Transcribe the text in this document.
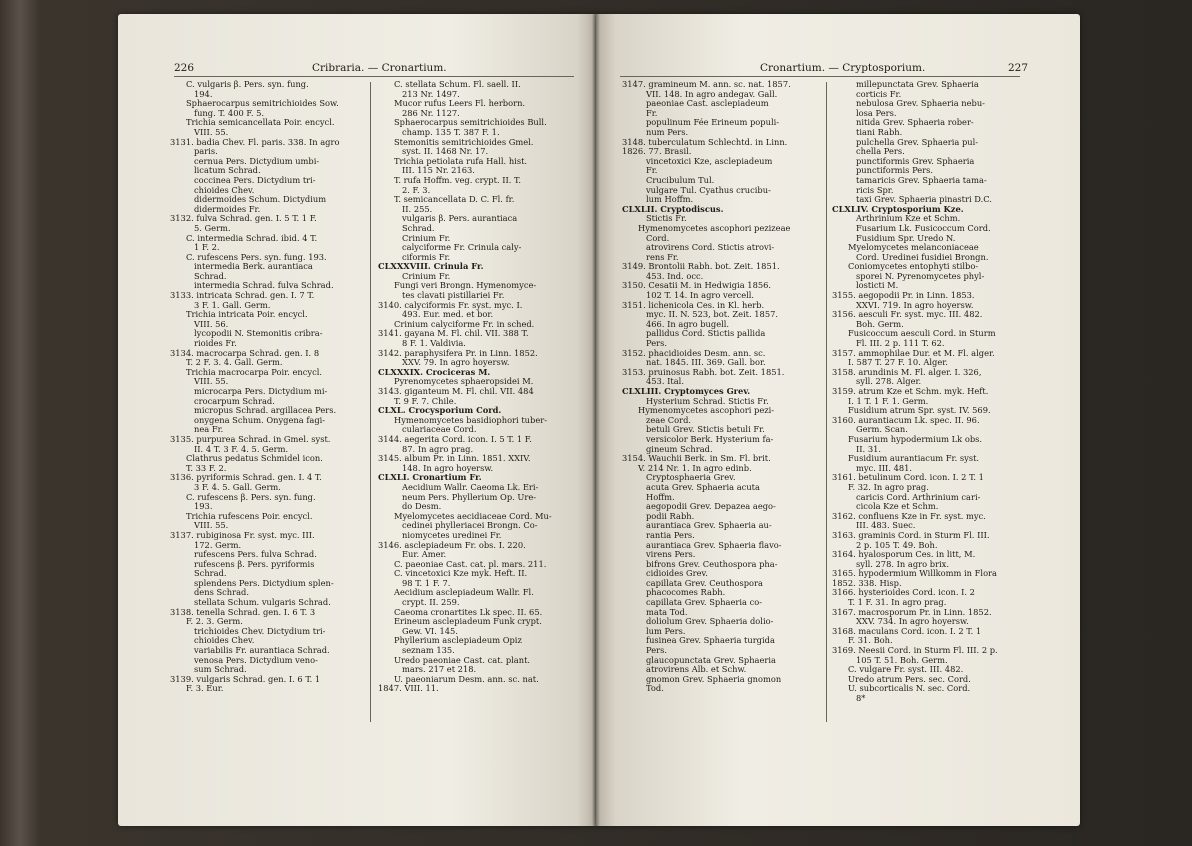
226	Cribraria. — Cronartium.	Cronartium. — Cryptosporium.	227
C. vulgaris β. Pers. syn. fung.
194.
Sphaerocarpus semitrichioides Sow.
fung. T. 400 F. 5.
Trichia semicancellata Poir. encycl.
VIII. 55.
3131. badia Chev. Fl. paris. 338. In agro
paris.
cernua Pers. Dictydium umbi-
licatum Schrad.
coccinea Pers. Dictydium tri-
chioides Chev.
didermoides Schum. Dictydium
didermoides Fr.
3132. fulva Schrad. gen. I. 5 T. 1 F.
5. Germ.
C. intermedia Schrad. ibid. 4 T.
1 F. 2.
C. rufescens Pers. syn. fung. 193.
intermedia Berk. aurantiaca
Schrad.
intermedia Schrad. fulva Schrad.
3133. intricata Schrad. gen. I. 7 T.
3 F. 1. Gall. Germ.
Trichia intricata Poir. encycl.
VIII. 56.
lycopodii N. Stemonitis cribra-
rioides Fr.
3134. macrocarpa Schrad. gen. I. 8
T. 2 F. 3. 4. Gall. Germ.
Trichia macrocarpa Poir. encycl.
VIII. 55.
microcarpa Pers. Dictydium mi-
crocarpum Schrad.
micropus Schrad. argillacea Pers.
onygena Schum. Onygena fagi-
nea Fr.
3135. purpurea Schrad. in Gmel. syst.
II. 4 T. 3 F. 4. 5. Germ.
Clathrus pedatus Schmidel icon.
T. 33 F. 2.
3136. pyriformis Schrad. gen. I. 4 T.
3 F. 4. 5. Gall. Germ.
C. rufescens β. Pers. syn. fung.
193.
Trichia rufescens Poir. encycl.
VIII. 55.
3137. rubiginosa Fr. syst. myc. III.
172. Germ.
rufescens Pers. fulva Schrad.
rufescens β. Pers. pyriformis
Schrad.
splendens Pers. Dictydium splen-
dens Schrad.
stellata Schum. vulgaris Schrad.
3138. tenella Schrad. gen. I. 6 T. 3
F. 2. 3. Germ.
trichioides Chev. Dictydium tri-
chioides Chev.
variabilis Fr. aurantiaca Schrad.
venosa Pers. Dictydium veno-
sum Schrad.
3139. vulgaris Schrad. gen. I. 6 T. 1
F. 3. Eur.
C. stellata Schum. Fl. saell. II.
213 Nr. 1497.
Mucor rufus Leers Fl. herborn.
286 Nr. 1127.
Sphaerocarpus semitrichioides Bull.
champ. 135 T. 387 F. 1.
Stemonitis semitrichioides Gmel.
syst. II. 1468 Nr. 17.
Trichia petiolata rufa Hall. hist.
III. 115 Nr. 2163.
T. rufa Hoffm. veg. crypt. II. T.
2. F. 3.
T. semicancellata D. C. Fl. fr.
II. 255.
vulgaris β. Pers. aurantiaca
Schrad.
Crinium Fr.
calyciforme Fr. Crinula caly-
ciformis Fr.
CLXXXVIII. Crinula Fr.
Crinium Fr.
Fungi veri Brongn. Hymenomyce-
tes clavati pistillariei Fr.
3140. calyciformis Fr. syst. myc. I.
493. Eur. med. et bor.
Crinium calyciforme Fr. in sched.
3141. gayana M. Fl. chil. VII. 388 T.
8 F. 1. Valdivia.
3142. paraphysifera Pr. in Linn. 1852.
XXV. 79. In agro hoyersw.
CLXXXIX. Crociceras M.
Pyrenomycetes sphaeropsidei M.
3143. giganteum M. Fl. chil. VII. 484
T. 9 F. 7. Chile.
CLXL. Crocysporium Cord.
Hymenomycetes basidiophori tuber-
culariaceae Cord.
3144. aegerita Cord. icon. I. 5 T. 1 F.
87. In agro prag.
3145. album Pr. in Linn. 1851. XXIV.
148. In agro hoyersw.
CLXLI. Cronartium Fr.
Aecidium Wallr. Caeoma Lk. Eri-
neum Pers. Phyllerium Op. Ure-
do Desm.
Myelomycetes aecidiaceae Cord. Mu-
cedinei phylleriacei Brongn. Co-
niomycetes uredinei Fr.
3146. asclepiadeum Fr. obs. I. 220.
Eur. Amer.
C. paeoniae Cast. cat. pl. mars. 211.
C. vincetoxici Kze myk. Heft. II.
98 T. 1 F. 7.
Aecidium asclepiadeum Wallr. Fl.
crypt. II. 259.
Caeoma cronartites Lk spec. II. 65.
Erineum asclepiadeum Funk crypt.
Gew. VI. 145.
Phyllerium asclepiadeum Opiz
seznam 135.
Uredo paeoniae Cast. cat. plant.
mars. 217 et 218.
U. paeoniarum Desm. ann. sc. nat.
1847. VIII. 11.
3147. gramineum M. ann. sc. nat. 1857.
VII. 148. In agro andegav. Gall.
paeoniae Cast. asclepiadeum
Fr.
populinum Fée Erineum populi-
num Pers.
3148. tuberculatum Schlechtd. in Linn.
1826. 77. Brasil.
vincetoxici Kze, asclepiadeum
Fr.
Crucibulum Tul.
vulgare Tul. Cyathus crucibu-
lum Hoffm.
CLXLII. Cryptodiscus.
Stictis Fr.
Hymenomycetes ascophori pezizeae
Cord.
atrovirens Cord. Stictis atrovi-
rens Fr.
3149. Brontolii Rabh. bot. Zeit. 1851.
453. Ind. occ.
3150. Cesatii M. in Hedwigia 1856.
102 T. 14. In agro vercell.
3151. lichenicola Ces. in Kl. herb.
myc. II. N. 523, bot. Zeit. 1857.
466. In agro bugell.
pallidus Cord. Stictis pallida
Pers.
3152. phacidioides Desm. ann. sc.
nat. 1845. III. 369. Gall. bor.
3153. pruinosus Rabh. bot. Zeit. 1851.
453. Ital.
CLXLIII. Cryptomyces Grev.
Hysterium Schrad. Stictis Fr.
Hymenomycetes ascophori pezi-
zeae Cord.
betuli Grev. Stictis betuli Fr.
versicolor Berk. Hysterium fa-
gineum Schrad.
3154. Wauchii Berk. in Sm. Fl. brit.
V. 214 Nr. 1. In agro edinb.
Cryptosphaeria Grev.
acuta Grev. Sphaeria acuta
Hoffm.
aegopodii Grev. Depazea aego-
podii Rabh.
aurantiaca Grev. Sphaeria au-
rantia Pers.
aurantiaca Grev. Sphaeria flavo-
virens Pers.
bifrons Grev. Ceuthospora pha-
cidioides Grev.
capillata Grev. Ceuthospora
phacocomes Rabh.
capillata Grev. Sphaeria co-
mata Tod.
doliolum Grev. Sphaeria dolio-
lum Pers.
fusinea Grev. Sphaeria turgida
Pers.
glaucopunctata Grev. Sphaeria
atrovirens Alb. et Schw.
gnomon Grev. Sphaeria gnomon
Tod.
millepunctata Grev. Sphaeria
corticis Fr.
nebulosa Grev. Sphaeria nebu-
losa Pers.
nitida Grev. Sphaeria rober-
tiani Rabh.
pulchella Grev. Sphaeria pul-
chella Pers.
punctiformis Grev. Sphaeria
punctiformis Pers.
tamaricis Grev. Sphaeria tama-
ricis Spr.
taxi Grev. Sphaeria pinastri D.C.
CLXLIV. Cryptosporium Kze.
Arthrinium Kze et Schm.
Fusarium Lk. Fusicoccum Cord.
Fusidium Spr. Uredo N.
Myelomycetes melanconiaceae
Cord. Uredinei fusidiei Brongn.
Coniomycetes entophyti stilbo-
sporei N. Pyrenomycetes phyl-
losticti M.
3155. aegopodii Pr. in Linn. 1853.
XXVI. 719. In agro hoyersw.
3156. aesculi Fr. syst. myc. III. 482.
Boh. Germ.
Fusicoccum aesculi Cord. in Sturm
Fl. III. 2 p. 111 T. 62.
3157. ammophilae Dur. et M. Fl. alger.
I. 587 T. 27 F. 10. Alger.
3158. arundinis M. Fl. alger. I. 326,
syll. 278. Alger.
3159. atrum Kze et Schm. myk. Heft.
I. 1 T. 1 F. 1. Germ.
Fusidium atrum Spr. syst. IV. 569.
3160. aurantiacum Lk. spec. II. 96.
Germ. Scan.
Fusarium hypodermium Lk obs.
II. 31.
Fusidium aurantiacum Fr. syst.
myc. III. 481.
3161. betulinum Cord. icon. I. 2 T. 1
F. 32. In agro prag.
caricis Cord. Arthrinium cari-
cicola Kze et Schm.
3162. confluens Kze in Fr. syst. myc.
III. 483. Suec.
3163. graminis Cord. in Sturm Fl. III.
2 p. 105 T. 49. Boh.
3164. hyalosporum Ces. in litt, M.
syll. 278. In agro brix.
3165. hypodermium Willkomm in Flora
1852. 338. Hisp.
3166. hysterioides Cord. icon. I. 2
T. 1 F. 31. In agro prag.
3167. macrosporum Pr. in Linn. 1852.
XXV. 734. In agro hoyersw.
3168. maculans Cord. icon. I. 2 T. 1
F. 31. Boh.
3169. Neesii Cord. in Sturm Fl. III. 2 p.
105 T. 51. Boh. Germ.
C. vulgare Fr. syst. III. 482.
Uredo atrum Pers. sec. Cord.
U. subcorticalis N. sec. Cord.
8*
